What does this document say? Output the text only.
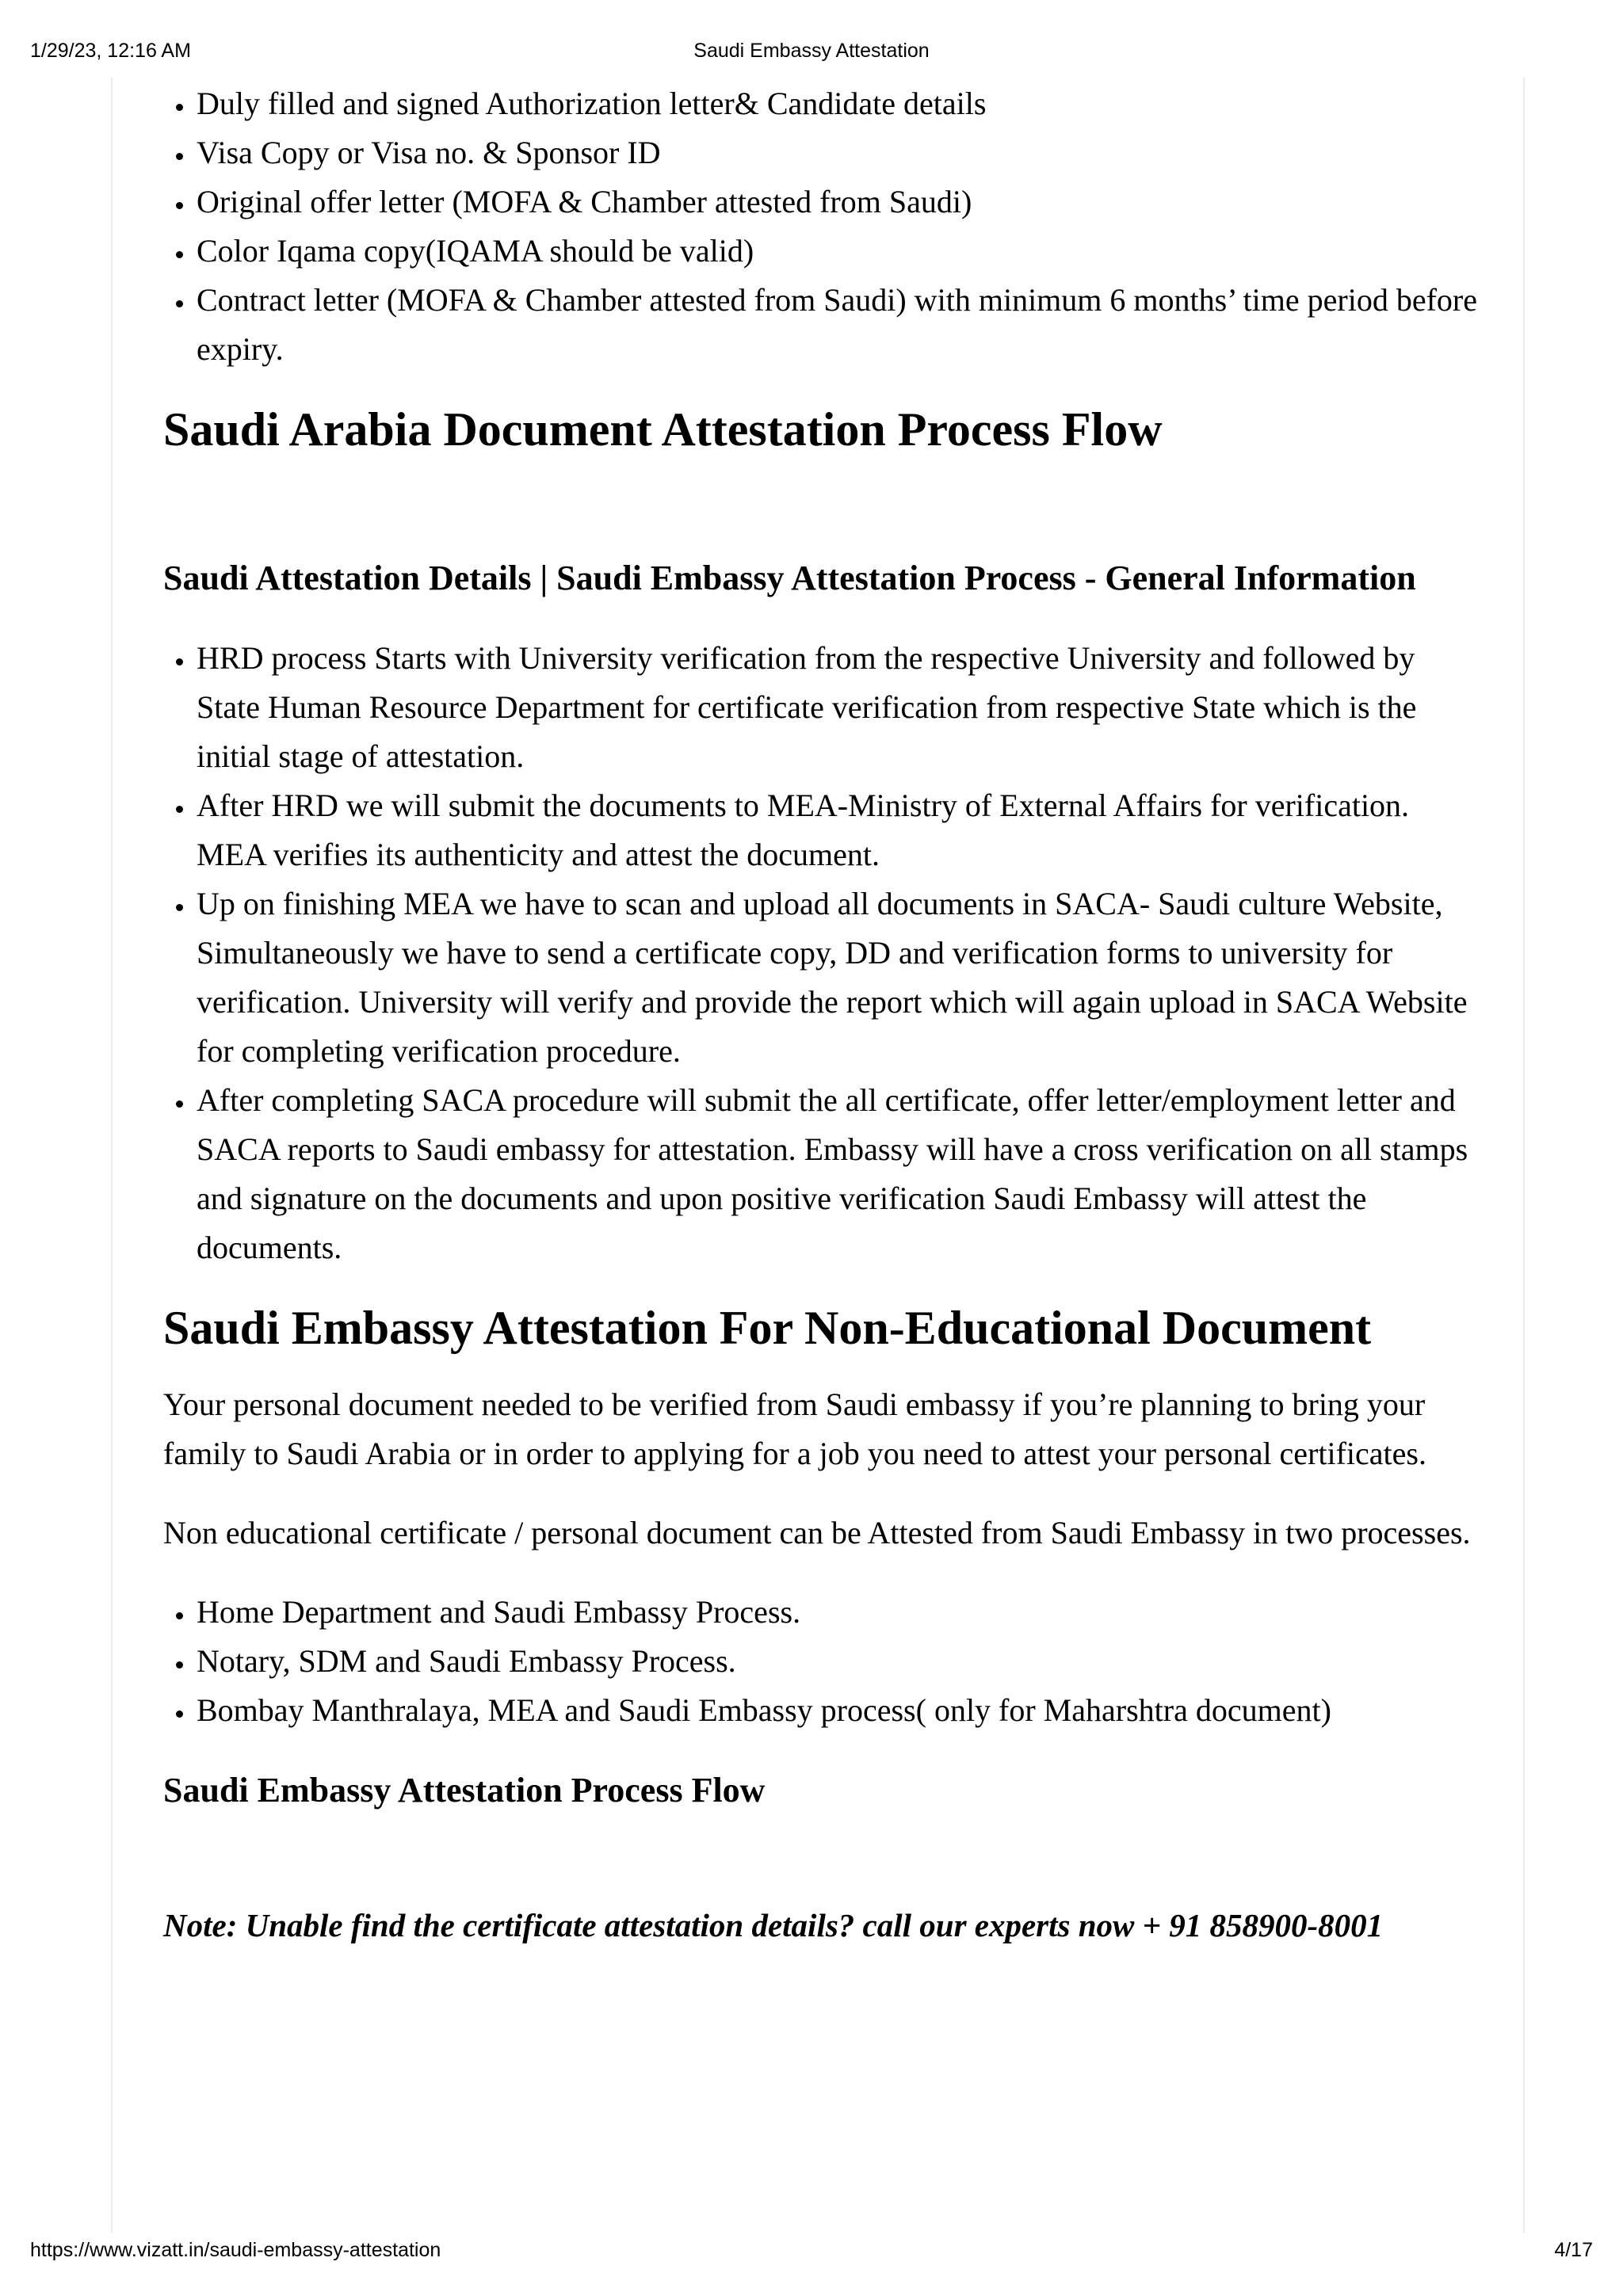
Saudi Embassy Attestation
1/29/23, 12:16 AM
• Duly filled and signed Authorization letter& Candidate details
• Visa Copy or Visa no. & Sponsor ID
• Original offer letter (MOFA & Chamber attested from Saudi)
• Color Iqama copy(IQAMA should be valid)
• Contract letter (MOFA & Chamber attested from Saudi) with minimum 6 months’ time period before expiry.
Saudi Arabia Document Attestation Process Flow
Saudi Attestation Details | Saudi Embassy Attestation Process - General Information
• HRD process Starts with University verification from the respective University and followed by State Human Resource Department for certificate verification from respective State which is the initial stage of attestation.
• After HRD we will submit the documents to MEA-Ministry of External Affairs for verification. MEA verifies its authenticity and attest the document.
• Up on finishing MEA we have to scan and upload all documents in SACA- Saudi culture Website, Simultaneously we have to send a certificate copy, DD and verification forms to university for verification. University will verify and provide the report which will again upload in SACA Website for completing verification procedure.
• After completing SACA procedure will submit the all certificate, offer letter/employment letter and SACA reports to Saudi embassy for attestation. Embassy will have a cross verification on all stamps and signature on the documents and upon positive verification Saudi Embassy will attest the documents.
Saudi Embassy Attestation For Non-Educational Document

Your personal document needed to be verified from Saudi embassy if you’re planning to bring your family to Saudi Arabia or in order to applying for a job you need to attest your personal certificates.

Non educational certificate / personal document can be Attested from Saudi Embassy in two processes.

• Home Department and Saudi Embassy Process.
• Notary, SDM and Saudi Embassy Process.
• Bombay Manthralaya, MEA and Saudi Embassy process( only for Maharshtra document)
Saudi Embassy Attestation Process Flow

Note: Unable find the certificate attestation details? call our experts now + 91 858900-8001

https://www.vizatt.in/saudi-embassy-attestation	4/17
